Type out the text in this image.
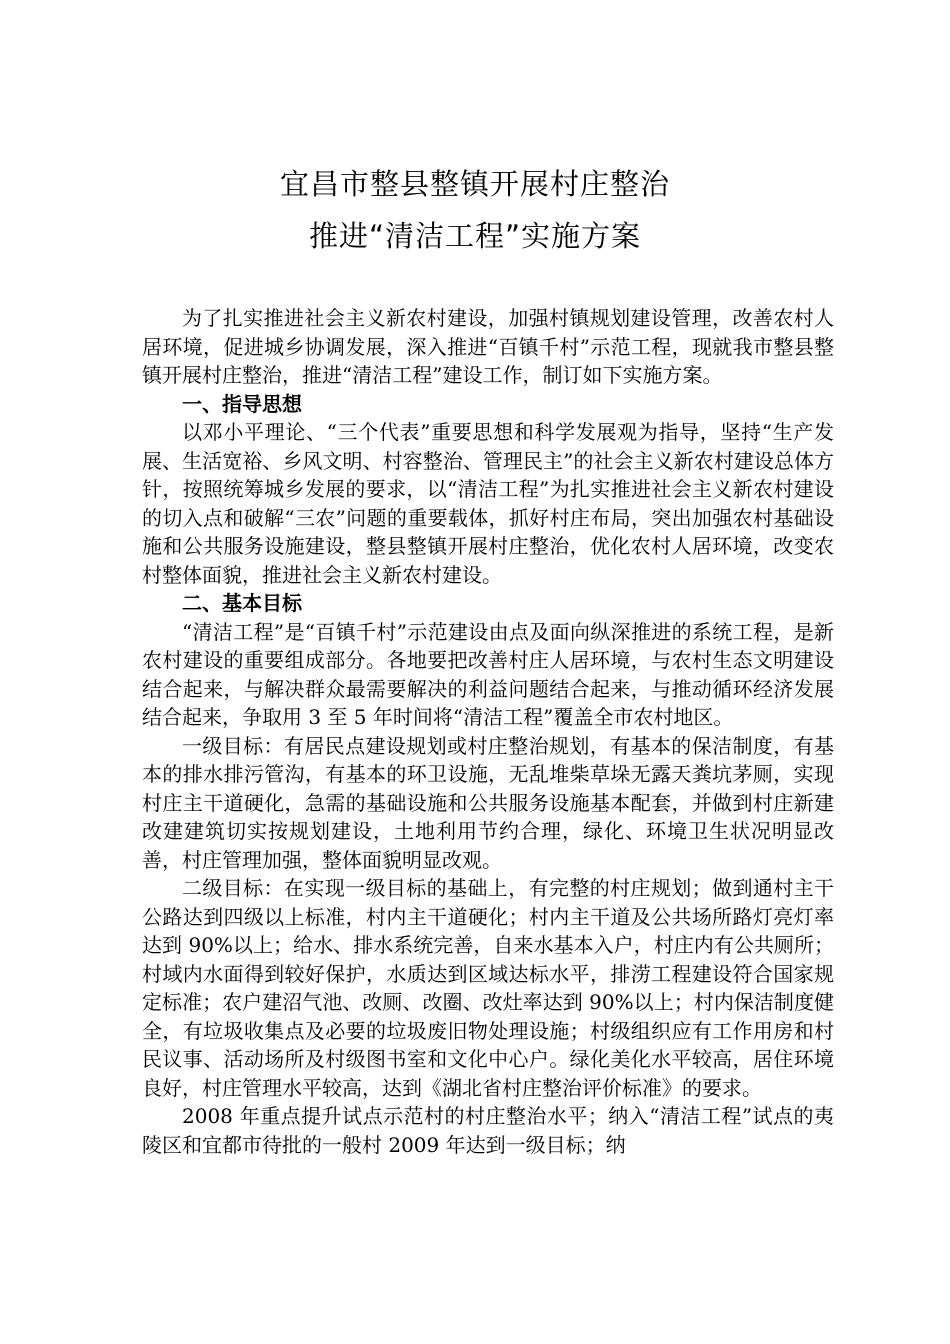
宜昌市整县整镇开展村庄整治
推进“清洁工程”实施方案

为了扎实推进社会主义新农村建设，加强村镇规划建设管理，改善农村人居环境，促进城乡协调发展，深入推进“百镇千村”示范工程，现就我市整县整镇开展村庄整治，推进“清洁工程”建设工作，制订如下实施方案。

一、指导思想

以邓小平理论、“三个代表”重要思想和科学发展观为指导，坚持“生产发展、生活宽裕、乡风文明、村容整治、管理民主”的社会主义新农村建设总体方针，按照统筹城乡发展的要求，以“清洁工程”为扎实推进社会主义新农村建设的切入点和破解“三农”问题的重要载体，抓好村庄布局，突出加强农村基础设施和公共服务设施建设，整县整镇开展村庄整治，优化农村人居环境，改变农村整体面貌，推进社会主义新农村建设。

二、基本目标

“清洁工程”是“百镇千村”示范建设由点及面向纵深推进的系统工程，是新农村建设的重要组成部分。各地要把改善村庄人居环境，与农村生态文明建设结合起来，与解决群众最需要解决的利益问题结合起来，与推动循环经济发展结合起来，争取用 3 至 5 年时间将“清洁工程”覆盖全市农村地区。

一级目标：有居民点建设规划或村庄整治规划，有基本的保洁制度，有基本的排水排污管沟，有基本的环卫设施，无乱堆柴草垛无露天粪坑茅厕，实现村庄主干道硬化，急需的基础设施和公共服务设施基本配套，并做到村庄新建改建建筑切实按规划建设，土地利用节约合理，绿化、环境卫生状况明显改善，村庄管理加强，整体面貌明显改观。

二级目标：在实现一级目标的基础上，有完整的村庄规划；做到通村主干公路达到四级以上标准，村内主干道硬化；村内主干道及公共场所路灯亮灯率达到 90%以上；给水、排水系统完善，自来水基本入户，村庄内有公共厕所；村域内水面得到较好保护，水质达到区域达标水平，排涝工程建设符合国家规定标准；农户建沼气池、改厕、改圈、改灶率达到 90%以上；村内保洁制度健全，有垃圾收集点及必要的垃圾废旧物处理设施；村级组织应有工作用房和村民议事、活动场所及村级图书室和文化中心户。绿化美化水平较高，居住环境良好，村庄管理水平较高，达到《湖北省村庄整治评价标准》的要求。

2008 年重点提升试点示范村的村庄整治水平；纳入“清洁工程”试点的夷陵区和宜都市待批的一般村 2009 年达到一级目标；纳
